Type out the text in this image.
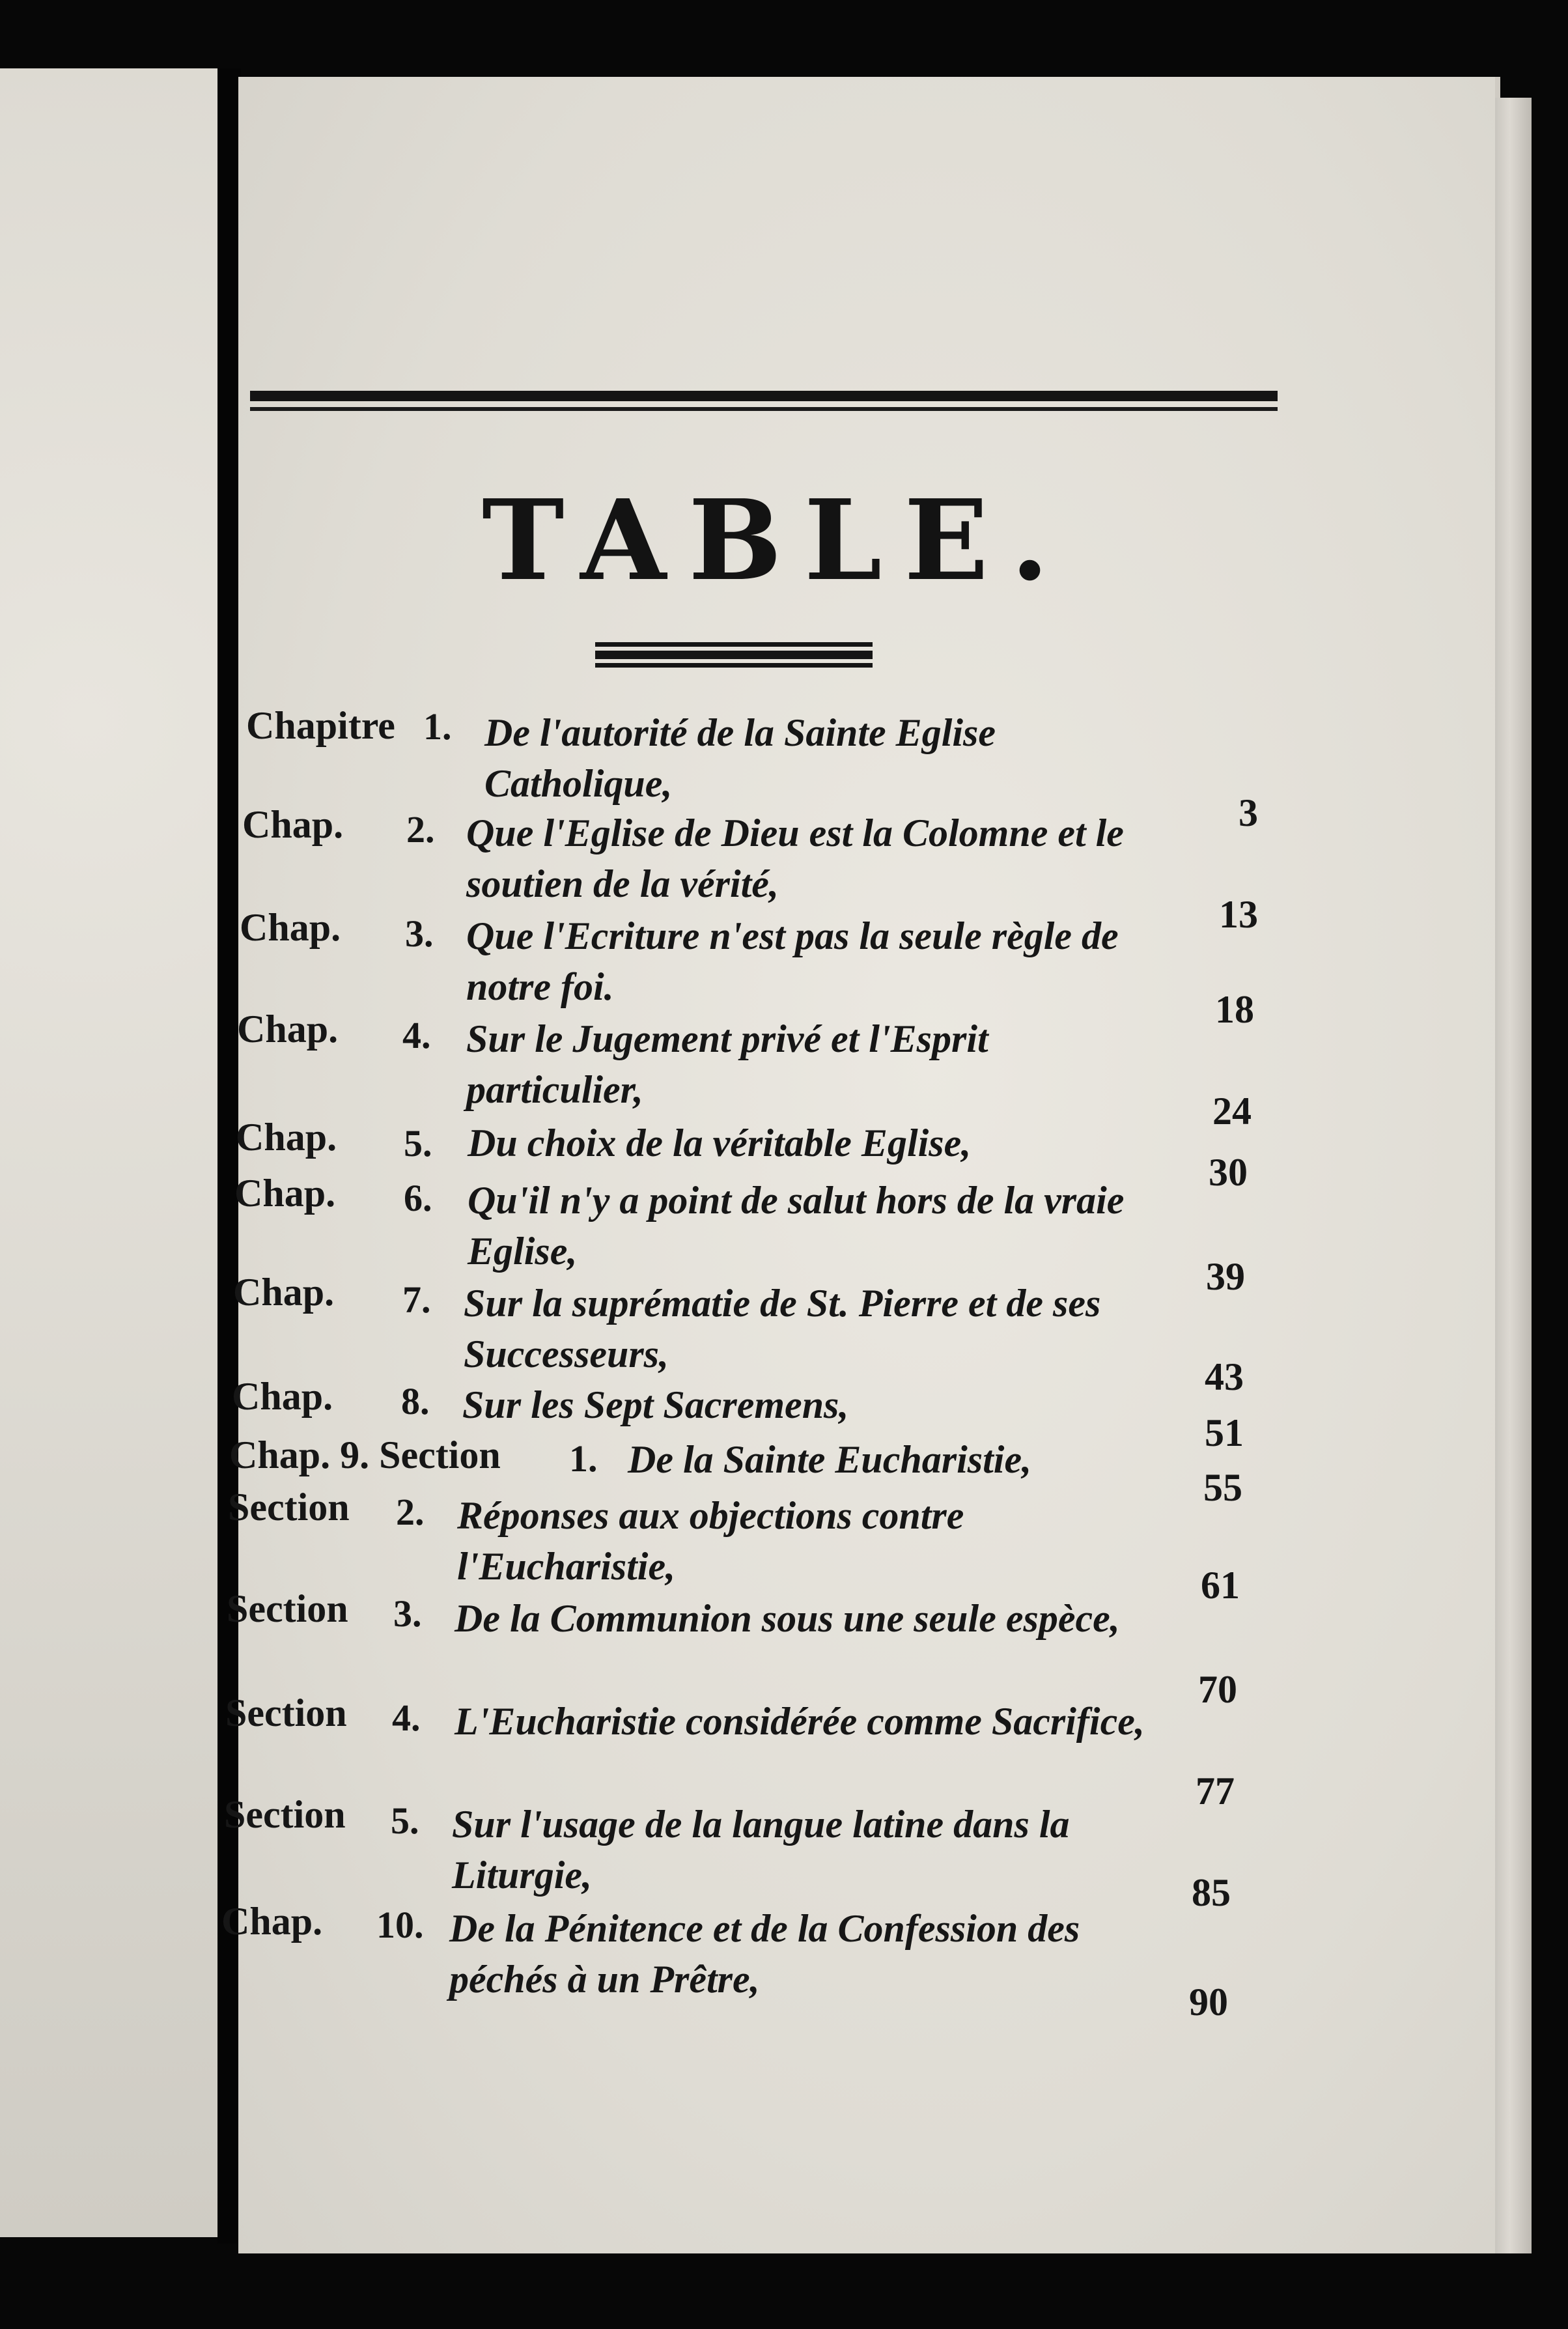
TABLE.
Chapitre 1. De l'autorité de la Sainte Eglise Catholique,
3
Chap. 2. Que l'Eglise de Dieu est la Colomne et le soutien de la vérité,
13
Chap. 3. Que l'Ecriture n'est pas la seule règle de notre foi.
18
Chap. 4. Sur le Jugement privé et l'Esprit particulier,	24
Chap. 5. Du choix de la véritable Eglise,
30
Chap. 6. Qu'il n'y a point de salut hors de la vraie Eglise,
39
Chap. 7. Sur la suprématie de St. Pierre et de ses Successeurs,
43
Chap. 8. Sur les Sept Sacremens,
51
Chap. 9. Section 1. De la Sainte Eucharistie,
55
Section 2. Réponses aux objections contre l'Eucharistie,	61
Section 3. De la Communion sous une seule espèce,
70
Section 4. L'Eucharistie considérée comme Sacrifice,
77
Section 5. Sur l'usage de la langue latine dans la Liturgie,	85
Chap. 10. De la Pénitence et de la Confession des péchés à un Prêtre,
90
